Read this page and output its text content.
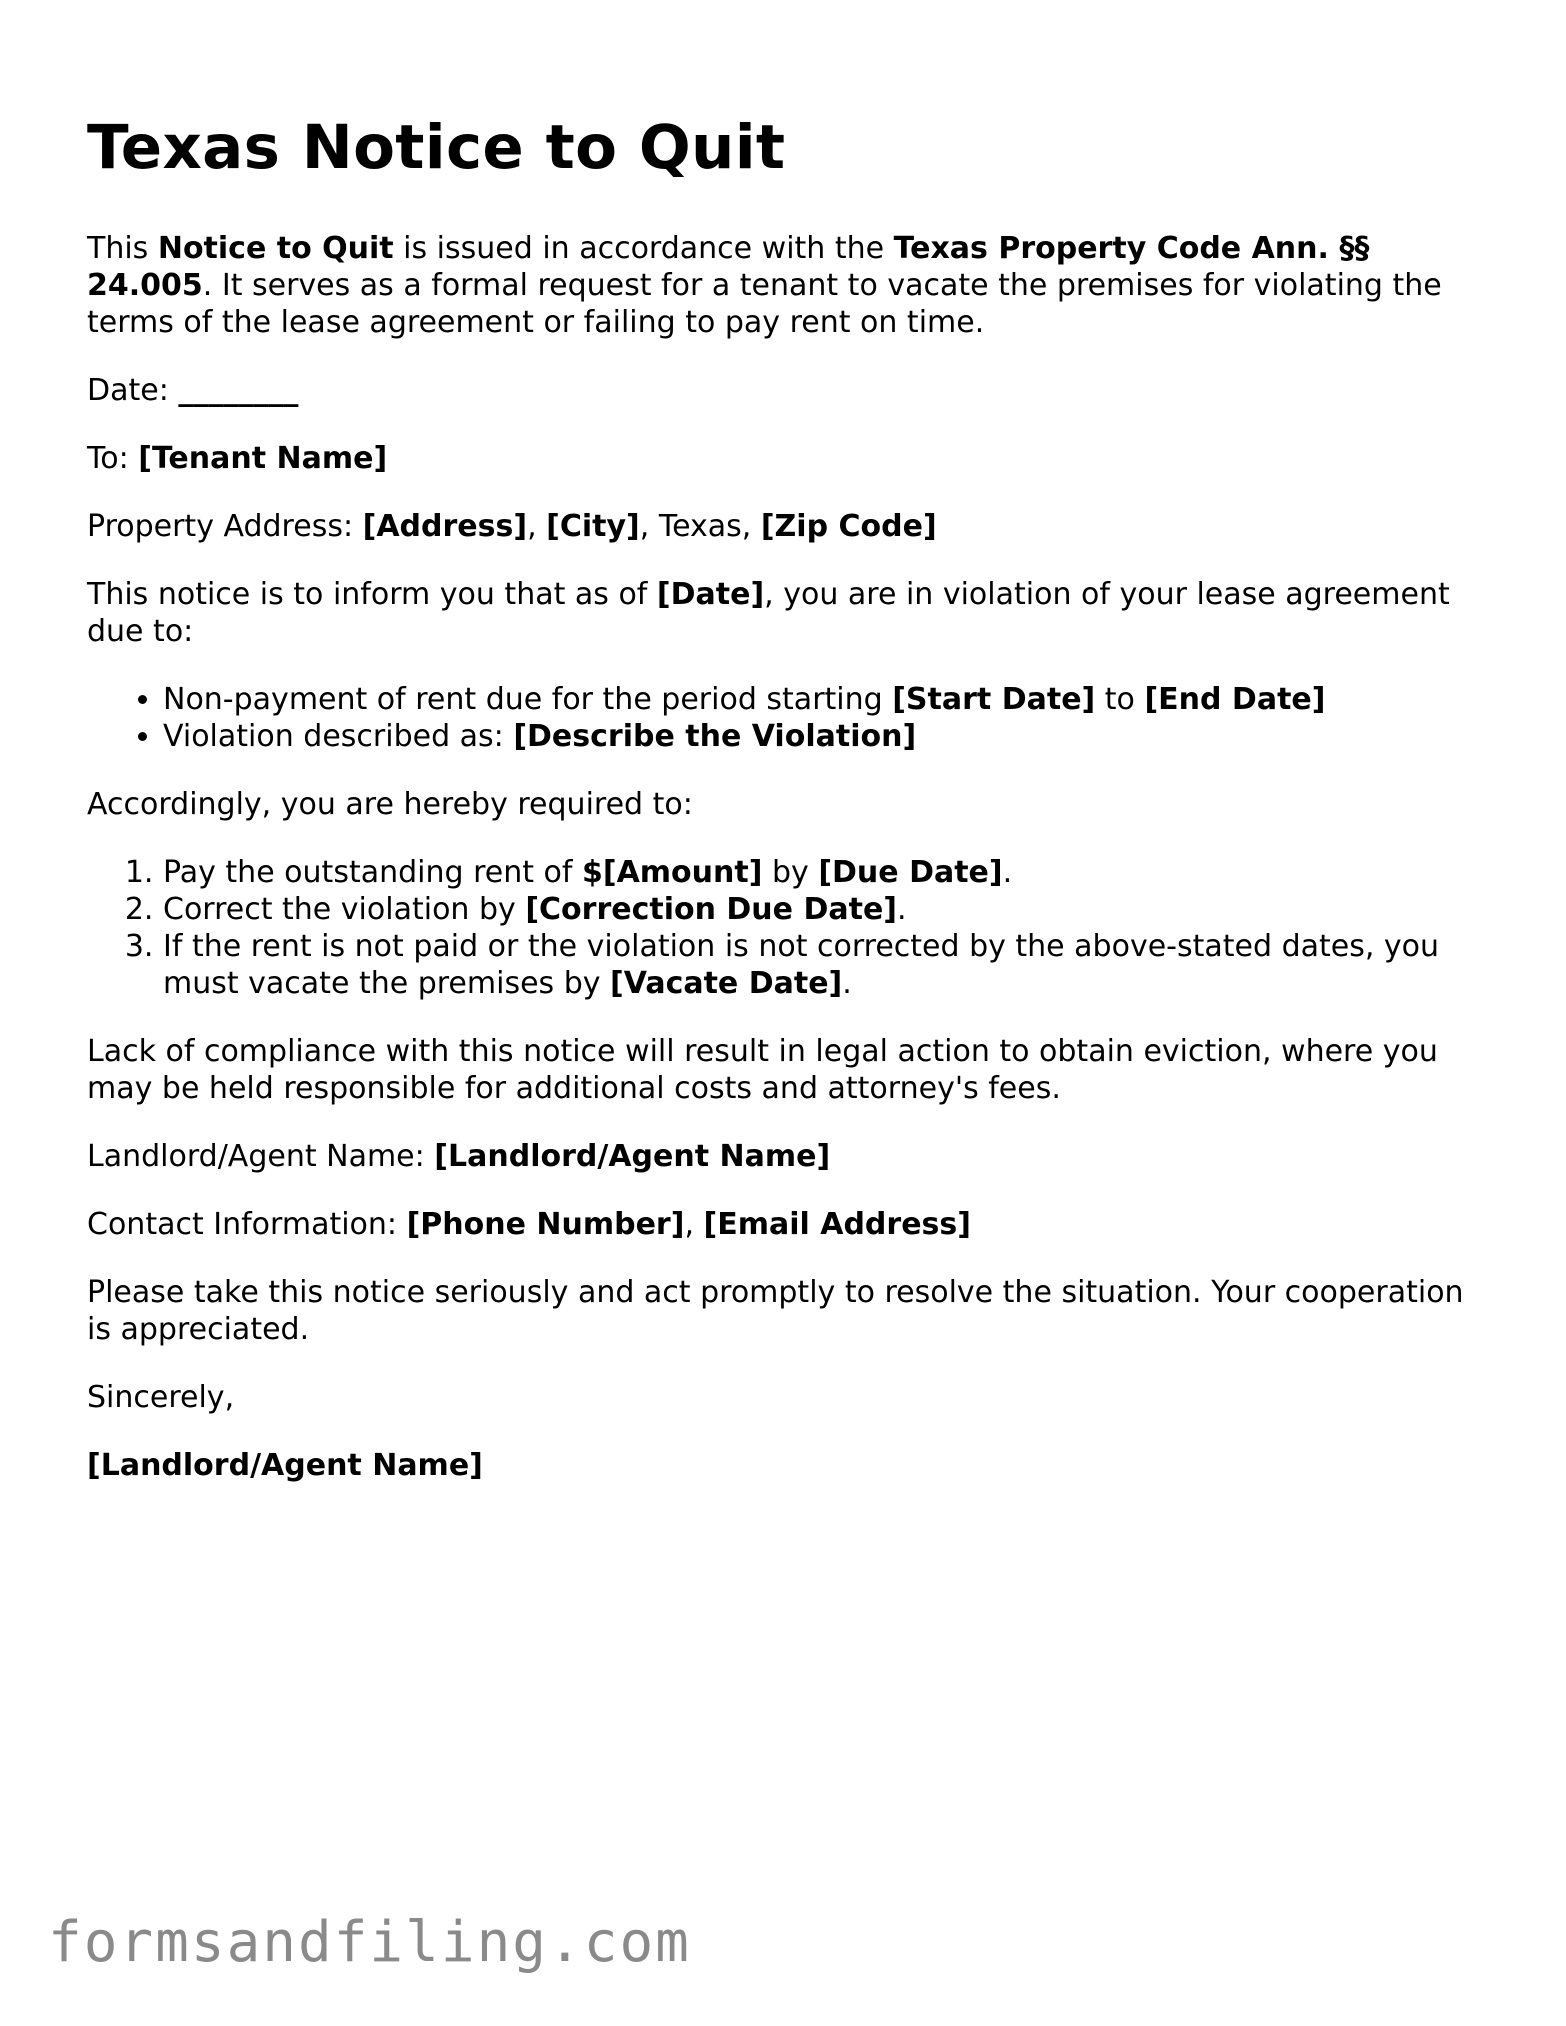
Texas Notice to Quit

This Notice to Quit is issued in accordance with the Texas Property Code Ann. §§ 24.005. It serves as a formal request for a tenant to vacate the premises for violating the terms of the lease agreement or failing to pay rent on time.

Date: ________

To: [Tenant Name]

Property Address: [Address], [City], Texas, [Zip Code]

This notice is to inform you that as of [Date], you are in violation of your lease agreement due to:

• Non-payment of rent due for the period starting [Start Date] to [End Date]
• Violation described as: [Describe the Violation]

Accordingly, you are hereby required to:

1. Pay the outstanding rent of $[Amount] by [Due Date].
2. Correct the violation by [Correction Due Date].
3. If the rent is not paid or the violation is not corrected by the above-stated dates, you must vacate the premises by [Vacate Date].

Lack of compliance with this notice will result in legal action to obtain eviction, where you may be held responsible for additional costs and attorney's fees.

Landlord/Agent Name: [Landlord/Agent Name]

Contact Information: [Phone Number], [Email Address]

Please take this notice seriously and act promptly to resolve the situation. Your cooperation is appreciated.

Sincerely,

[Landlord/Agent Name]

formsandfiling.com
